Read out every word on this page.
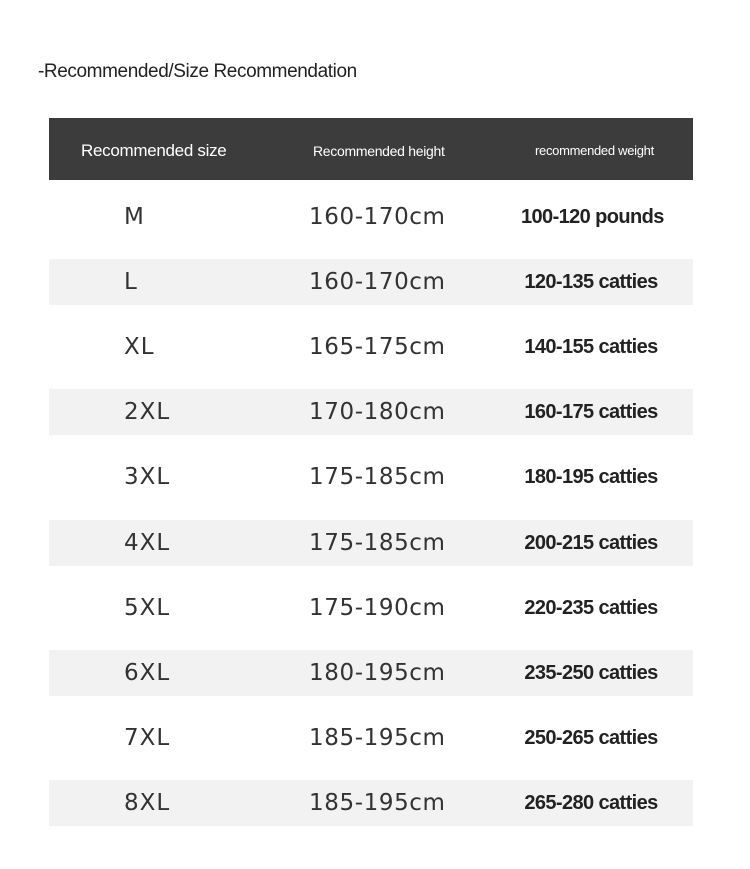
-Recommended/Size Recommendation
Recommended size	Recommended height	recommended weight
M	160-170cm	100-120 pounds
L	160-170cm	120-135 catties
XL	165-175cm	140-155 catties
2XL	170-180cm	160-175 catties
3XL	175-185cm	180-195 catties
4XL	175-185cm	200-215 catties
5XL	175-190cm	220-235 catties
6XL	180-195cm	235-250 catties
7XL	185-195cm	250-265 catties
8XL	185-195cm	265-280 catties
